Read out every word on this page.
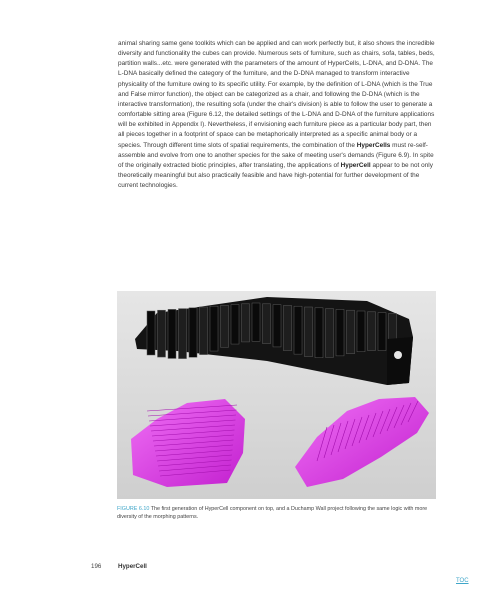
animal sharing same gene toolkits which can be applied and can work perfectly but, it also shows the incredible diversity and functionality the cubes can provide. Numerous sets of furniture, such as chairs, sofa, tables, beds, partition walls...etc. were generated with the parameters of the amount of HyperCells, L-DNA, and D-DNA. The L-DNA basically defined the category of the furniture, and the D-DNA managed to transform interactive physicality of the furniture owing to its specific utility. For example, by the definition of L-DNA (which is the True and False mirror function), the object can be categorized as a chair, and following the D-DNA (which is the interactive transformation), the resulting sofa (under the chair's division) is able to follow the user to generate a comfortable sitting area (Figure 6.12, the detailed settings of the L-DNA and D-DNA of the furniture applications will be exhibited in Appendix I). Nevertheless, if envisioning each furniture piece as a particular body part, then all pieces together in a footprint of space can be metaphorically interpreted as a specific animal body or a species. Through different time slots of spatial requirements, the combination of the HyperCells must re-self-assemble and evolve from one to another species for the sake of meeting user's demands (Figure 6.9). In spite of the originally extracted biotic principles, after translating, the applications of HyperCell appear to be not only theoretically meaningful but also practically feasible and have high-potential for further development of the current technologies.

FIGURE 6.10 The first generation of HyperCell component on top, and a Duchamp Wall project following the same logic with more diversity of the morphing patterns.

196	HyperCell
TOC
